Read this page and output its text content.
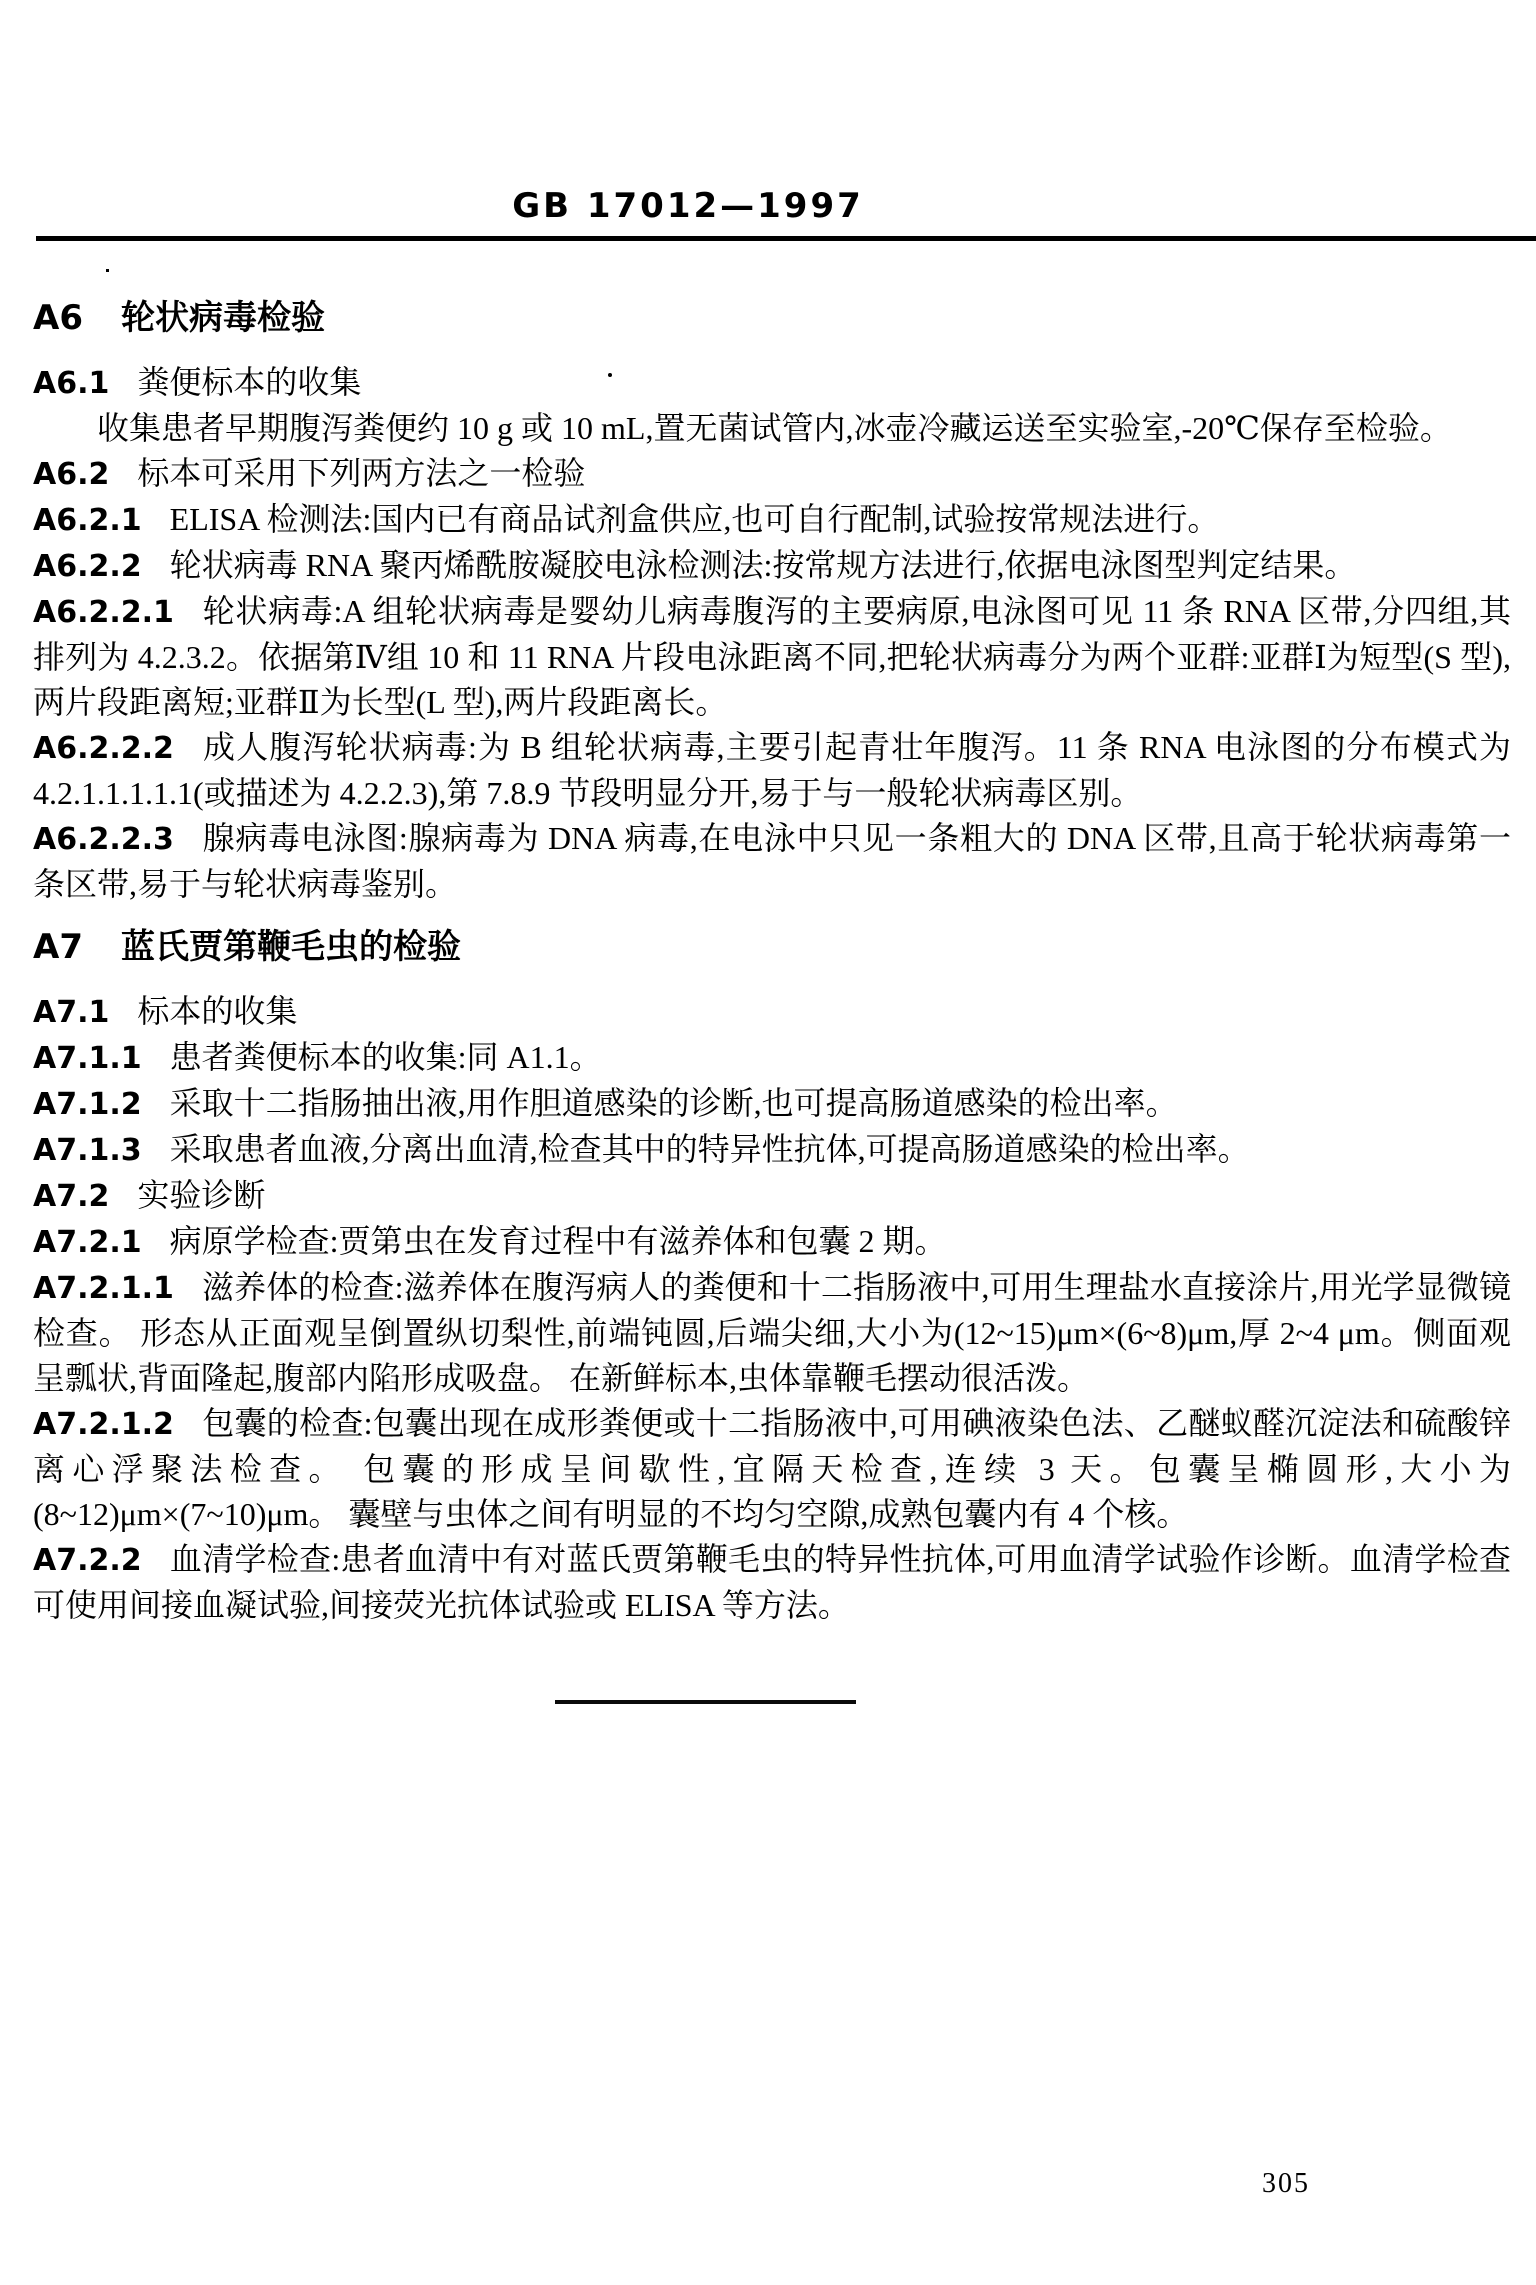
GB 17012—1997
A6 轮状病毒检验
A6.1 粪便标本的收集

收集患者早期腹泻粪便约 10 g 或 10 mL,置无菌试管内,冰壶冷藏运送至实验室,-20℃保存至检验。

A6.2 标本可采用下列两方法之一检验
A6.2.1 ELISA 检测法:国内已有商品试剂盒供应,也可自行配制,试验按常规法进行。
A6.2.2 轮状病毒 RNA 聚丙烯酰胺凝胶电泳检测法:按常规方法进行,依据电泳图型判定结果。
A6.2.2.1 轮状病毒:A 组轮状病毒是婴幼儿病毒腹泻的主要病原,电泳图可见 11 条 RNA 区带,分四组,其排列为 4.2.3.2。依据第Ⅳ组 10 和 11 RNA 片段电泳距离不同,把轮状病毒分为两个亚群:亚群Ⅰ为短型(S 型),两片段距离短;亚群Ⅱ为长型(L 型),两片段距离长。
A6.2.2.2 成人腹泻轮状病毒:为 B 组轮状病毒,主要引起青壮年腹泻。11 条 RNA 电泳图的分布模式为 4.2.1.1.1.1.1(或描述为 4.2.2.3),第 7.8.9 节段明显分开,易于与一般轮状病毒区别。
A6.2.2.3 腺病毒电泳图:腺病毒为 DNA 病毒,在电泳中只见一条粗大的 DNA 区带,且高于轮状病毒第一条区带,易于与轮状病毒鉴别。
A7 蓝氏贾第鞭毛虫的检验
A7.1 标本的收集
A7.1.1 患者粪便标本的收集:同 A1.1。
A7.1.2 采取十二指肠抽出液,用作胆道感染的诊断,也可提高肠道感染的检出率。
A7.1.3 采取患者血液,分离出血清,检查其中的特异性抗体,可提高肠道感染的检出率。
A7.2 实验诊断
A7.2.1 病原学检查:贾第虫在发育过程中有滋养体和包囊 2 期。
A7.2.1.1 滋养体的检查:滋养体在腹泻病人的粪便和十二指肠液中,可用生理盐水直接涂片,用光学显微镜检查。 形态从正面观呈倒置纵切梨性,前端钝圆,后端尖细,大小为(12~15)μm×(6~8)μm,厚 2~4 μm。侧面观呈瓢状,背面隆起,腹部内陷形成吸盘。 在新鲜标本,虫体靠鞭毛摆动很活泼。
A7.2.1.2 包囊的检查:包囊出现在成形粪便或十二指肠液中,可用碘液染色法、乙醚蚁醛沉淀法和硫酸锌离心浮聚法检查。 包囊的形成呈间歇性,宜隔天检查,连续 3 天。包囊呈椭圆形,大小为(8~12)μm×(7~10)μm。 囊壁与虫体之间有明显的不均匀空隙,成熟包囊内有 4 个核。
A7.2.2 血清学检查:患者血清中有对蓝氏贾第鞭毛虫的特异性抗体,可用血清学试验作诊断。血清学检查可使用间接血凝试验,间接荧光抗体试验或 ELISA 等方法。
305
